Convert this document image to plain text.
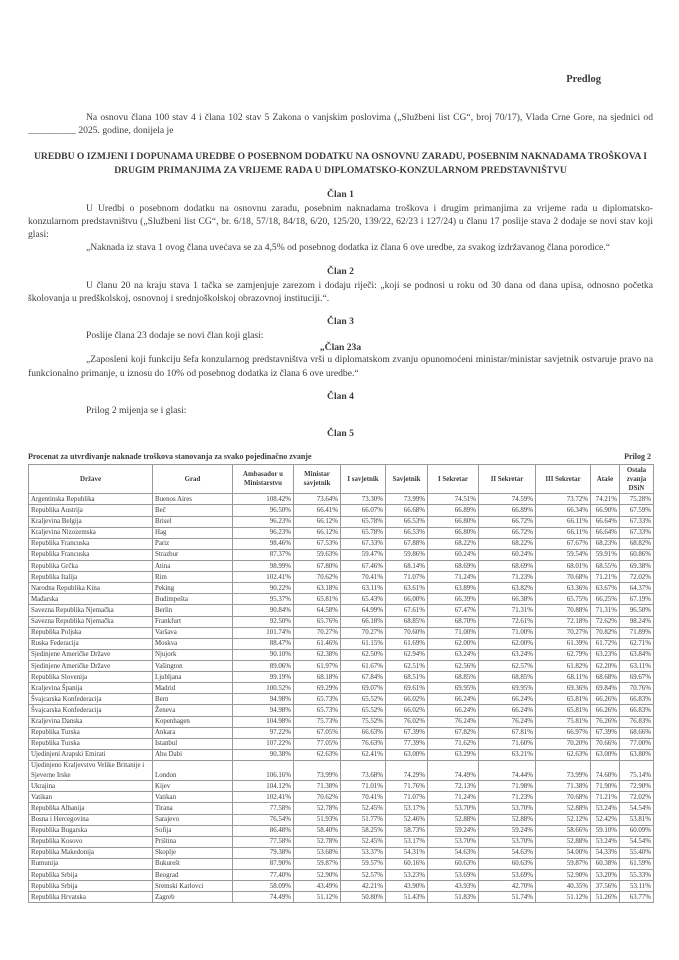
Predlog

Na osnovu člana 100 stav 4 i člana 102 stav 5 Zakona o vanjskim poslovima („Službeni list CG“, broj 70/17), Vlada Crne Gore, na sjednici od __________ 2025. godine, donijela je

UREDBU O IZMJENI I DOPUNAMA UREDBE O POSEBNOM DODATKU NA OSNOVNU ZARADU, POSEBNIM NAKNADAMA TROŠKOVA I DRUGIM PRIMANJIMA ZA VRIJEME RADA U DIPLOMATSKO-KONZULARNOM PREDSTAVNIŠTVU
Član 1

U Uredbi o posebnom dodatku na osnovnu zaradu, posebnim naknadama troškova i drugim primanjima za vrijeme rada u diplomatsko-konzularnom predstavništvu („Službeni list CG“, br. 6/18, 57/18, 84/18, 6/20, 125/20, 139/22, 62/23 i 127/24) u članu 17 poslije stava 2 dodaje se novi stav koji glasi:

„Naknada iz stava 1 ovog člana uvećava se za 4,5% od posebnog dodatka iz člana 6 ove uredbe, za svakog izdržavanog člana porodice.“

Član 2

U članu 20 na kraju stava 1 tačka se zamjenjuje zarezom i dodaju riječi: „koji se podnosi u roku od 30 dana od dana upisa, odnosno početka školovanja u predškolskoj, osnovnoj i srednjoškolskoj obrazovnoj instituciji.“.

Član 3

Poslije člana 23 dodaje se novi član koji glasi:

„Član 23a

„Zaposleni koji funkciju šefa konzularnog predstavništva vrši u diplomatskom zvanju opunomoćeni ministar/ministar savjetnik ostvaruje pravo na funkcionalno primanje, u iznosu do 10% od posebnog dodatka iz člana 6 ove uredbe.“

Član 4

Prilog 2 mijenja se i glasi:

Član 5
Procenat za utvrđivanje naknade troškova stanovanja za svako pojedinačno zvanje	Prilog 2
Države	Grad	Ambasador u Ministarstvu	Ministar savjetnik	I savjetnik	Savjetnik	I Sekretar	II Sekretar	III Sekretar	Ataše	Ostala zvanja DSiN
Argentinska Republika	Buenos Aires	108.42%	73.64%	73.30%	73.99%	74.51%	74.59%	73.72%	74.21%	75.28%
Republika Austrija	Beč	96.50%	66.41%	66.07%	66.68%	66.89%	66.89%	66.34%	66.90%	67.59%
Kraljevina Belgija	Brisel	96.23%	66.12%	65.78%	66.53%	66.80%	66.72%	66.11%	66.64%	67.33%
Kraljevina Nizozemska	Hag	96.23%	66.12%	65.78%	66.53%	66.80%	66.72%	66.11%	66.64%	67.33%
Republika Francuska	Pariz	98.46%	67.53%	67.33%	67.88%	68.22%	68.22%	67.67%	68.23%	68.82%
Republika Francuska	Strazbur	87.37%	59.63%	59.47%	59.86%	60.24%	60.24%	59.54%	59.91%	60.86%
Republika Grčka	Atina	98.99%	67.80%	67.46%	68.14%	68.69%	68.69%	68.01%	68.55%	69.38%
Republika Italija	Rim	102.41%	70.62%	70.41%	71.07%	71.24%	71.23%	70.68%	71.21%	72.02%
Narodna Republika Kina	Peking	90.22%	63.18%	63.11%	63.61%	63.89%	63.82%	63.36%	63.67%	64.37%
Mađarska	Budimpešta	95.37%	65.81%	65.43%	66.00%	66.39%	66.38%	65.75%	66.25%	67.19%
Savezna Republika Njemačka	Berlin	90.84%	64.58%	64.99%	67.61%	67.47%	71.31%	70.88%	71.31%	96.50%
Savezna Republika Njemačka	Frankfurt	92.50%	65.76%	66.18%	68.85%	68.70%	72.61%	72.18%	72.62%	98.24%
Republika Poljska	Varšava	101.74%	70.27%	70.27%	70.60%	71.00%	71.00%	70.27%	70.82%	71.89%
Ruska Federacija	Moskva	88.47%	61.46%	61.15%	61.69%	62.00%	62.00%	61.39%	61.72%	62.71%
Sjedinjene Američke Države	Njujork	90.10%	62.38%	62.50%	62.94%	63.24%	63.24%	62.79%	63.23%	63.84%
Sjedinjene Američke Države	Vašington	89.06%	61.97%	61.67%	62.51%	62.56%	62.57%	61.82%	62.20%	63.11%
Republika Slovenija	Ljubljana	99.19%	68.18%	67.84%	68.51%	68.85%	68.85%	68.11%	68.68%	69.67%
Kraljevina Španija	Madrid	100.52%	69.29%	69.07%	69.61%	69.95%	69.95%	69.36%	69.84%	70.76%
Švajcarska Konfederacija	Bern	94.98%	65.73%	65.52%	66.02%	66.24%	66.24%	65.81%	66.26%	66.83%
Švajcarska Konfederacija	Ženeva	94.98%	65.73%	65.52%	66.02%	66.24%	66.24%	65.81%	66.26%	66.83%
Kraljevina Danska	Kopenhagen	104.98%	75.73%	75.52%	76.02%	76.24%	76.24%	75.81%	76.26%	76.83%
Republika Turska	Ankara	97.22%	67.05%	66.63%	67.39%	67.82%	67.81%	66.97%	67.39%	68.66%
Republika Turska	Istanbul	107.22%	77.05%	76.63%	77.39%	71.62%	71.60%	70.20%	70.66%	77.00%
Ujedinjeni Arapski Emirati	Abu Dabi	90.38%	62.63%	62.41%	63.00%	63.29%	63.21%	62.63%	63.00%	63.80%
Ujedinjeno Kraljevstvo Velike Britanije i Sjeverne Irske	London	106.16%	73.99%	73.68%	74.29%	74.49%	74.44%	73.99%	74.60%	75.14%
Ukrajina	Kijev	104.12%	71.38%	71.01%	71.76%	72.13%	71.98%	71.38%	71.90%	72.90%
Vatikan	Vatikan	102.41%	70.62%	70.41%	71.07%	71.24%	71.23%	70.68%	71.21%	72.02%
Republika Albanija	Tirana	77.58%	52.78%	52.45%	53.17%	53.70%	53.70%	52.88%	53.24%	54.54%
Bosna i Hercegovina	Sarajevo	76.54%	51.93%	51.77%	52.46%	52.88%	52.88%	52.12%	52.42%	53.81%
Republika Bugarska	Sofija	86.48%	58.40%	58.25%	58.73%	59.24%	59.24%	58.66%	59.10%	60.09%
Republika Kosovo	Priština	77.58%	52.78%	52.45%	53.17%	53.70%	53.70%	52.88%	53.24%	54.54%
Republika Makedonija	Skoplje	79.38%	53.68%	53.37%	54.31%	54.63%	54.63%	54.00%	54.33%	55.40%
Rumunija	Bukurešt	87.90%	59.87%	59.57%	60.16%	60.63%	60.63%	59.87%	60.38%	61.59%
Republika Srbija	Beograd	77.40%	52.90%	52.57%	53.23%	53.69%	53.69%	52.90%	53.20%	55.33%
Republika Srbija	Sremski Karlovci	58.09%	43.49%	42.21%	43.90%	43.93%	42.70%	40.35%	37.56%	53.11%
Republika Hrvatska	Zagreb	74.49%	51.12%	50.80%	51.43%	51.83%	51.74%	51.12%	51.26%	63.77%
